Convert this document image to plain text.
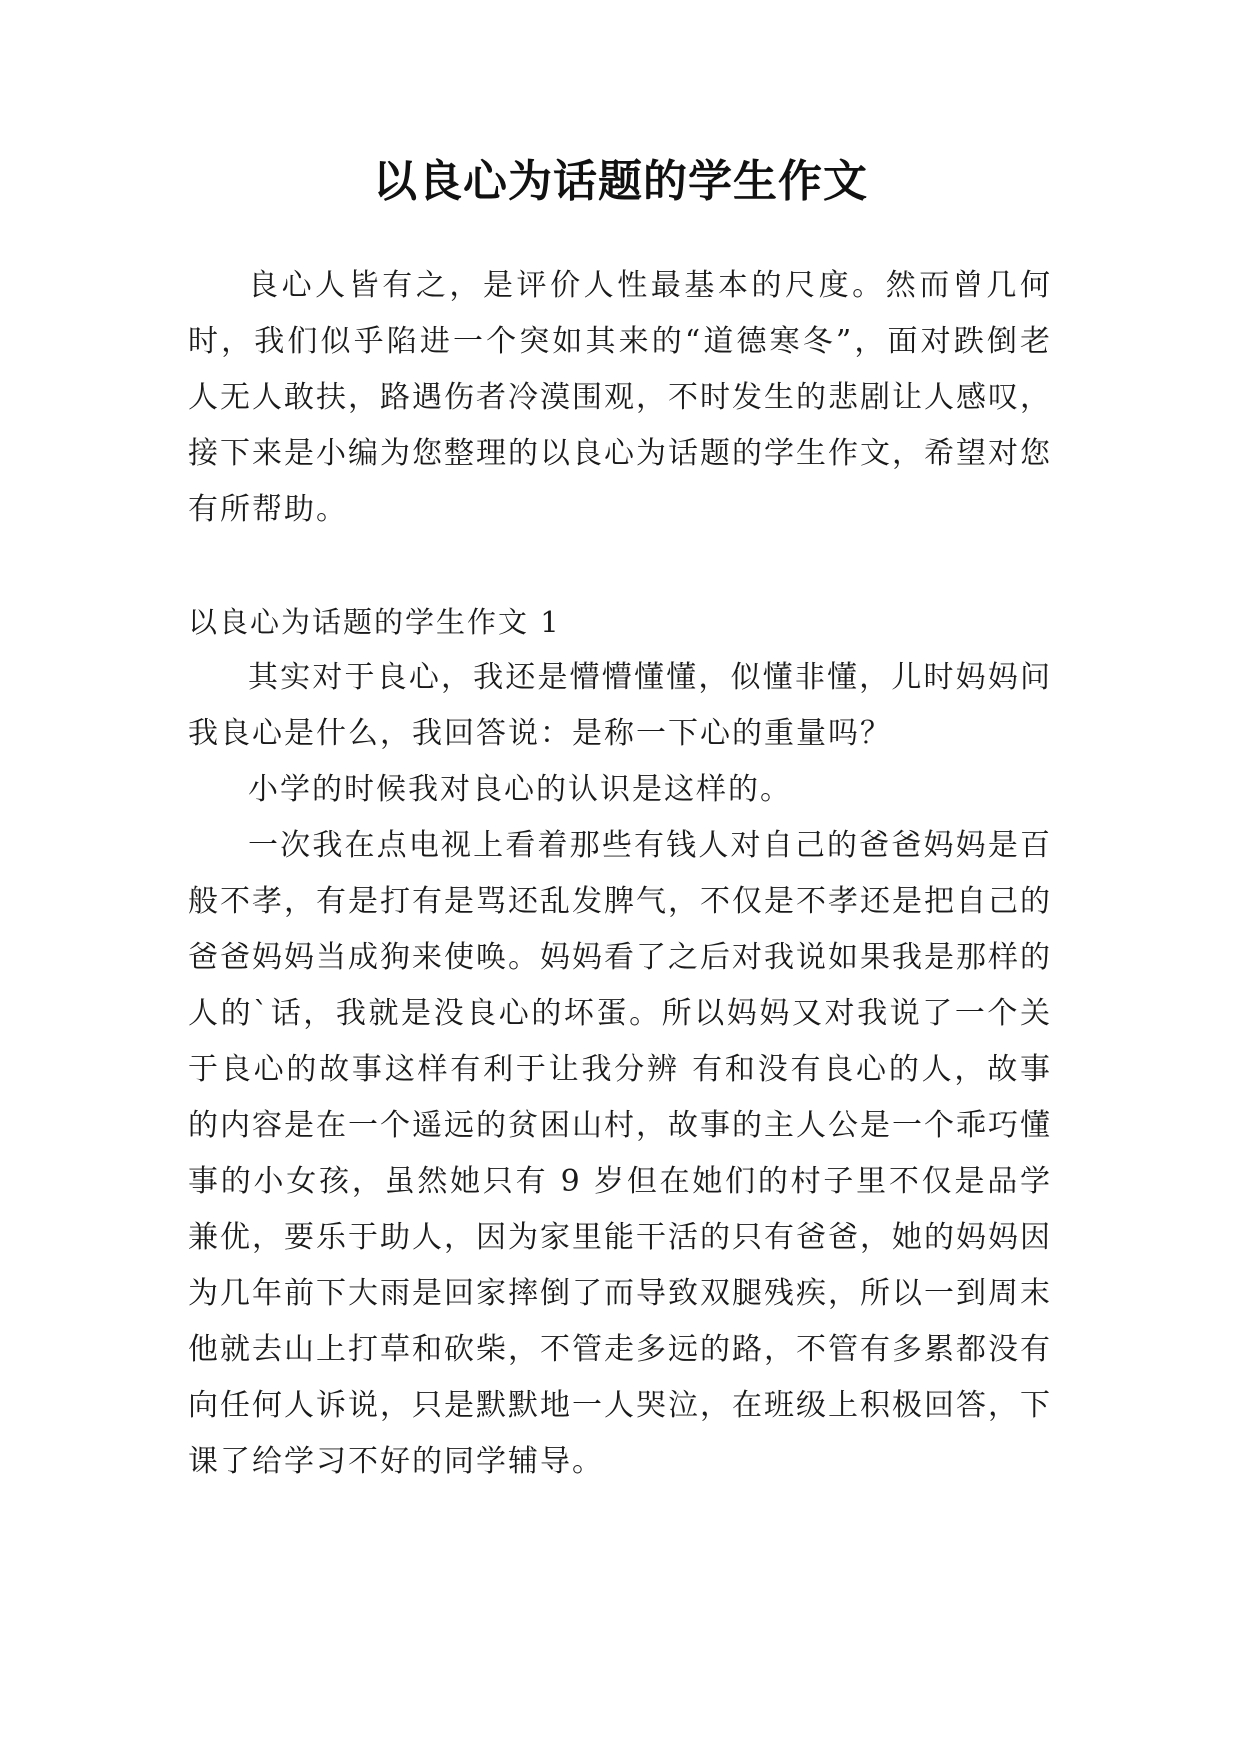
以良心为话题的学生作文

良心人皆有之，是评价人性最基本的尺度。然而曾几何时，我们似乎陷进一个突如其来的“道德寒冬”，面对跌倒老人无人敢扶，路遇伤者冷漠围观，不时发生的悲剧让人感叹，接下来是小编为您整理的以良心为话题的学生作文，希望对您有所帮助。

以良心为话题的学生作文 1

其实对于良心，我还是懵懵懂懂，似懂非懂，儿时妈妈问我良心是什么，我回答说：是称一下心的重量吗？

小学的时候我对良心的认识是这样的。

一次我在点电视上看着那些有钱人对自己的爸爸妈妈是百般不孝，有是打有是骂还乱发脾气，不仅是不孝还是把自己的爸爸妈妈当成狗来使唤。妈妈看了之后对我说如果我是那样的人的`话，我就是没良心的坏蛋。所以妈妈又对我说了一个关于良心的故事这样有利于让我分辨 有和没有良心的人，故事的内容是在一个遥远的贫困山村，故事的主人公是一个乖巧懂事的小女孩，虽然她只有 9 岁但在她们的村子里不仅是品学兼优，要乐于助人，因为家里能干活的只有爸爸，她的妈妈因为几年前下大雨是回家摔倒了而导致双腿残疾，所以一到周末他就去山上打草和砍柴，不管走多远的路，不管有多累都没有向任何人诉说，只是默默地一人哭泣，在班级上积极回答，下课了给学习不好的同学辅导。
